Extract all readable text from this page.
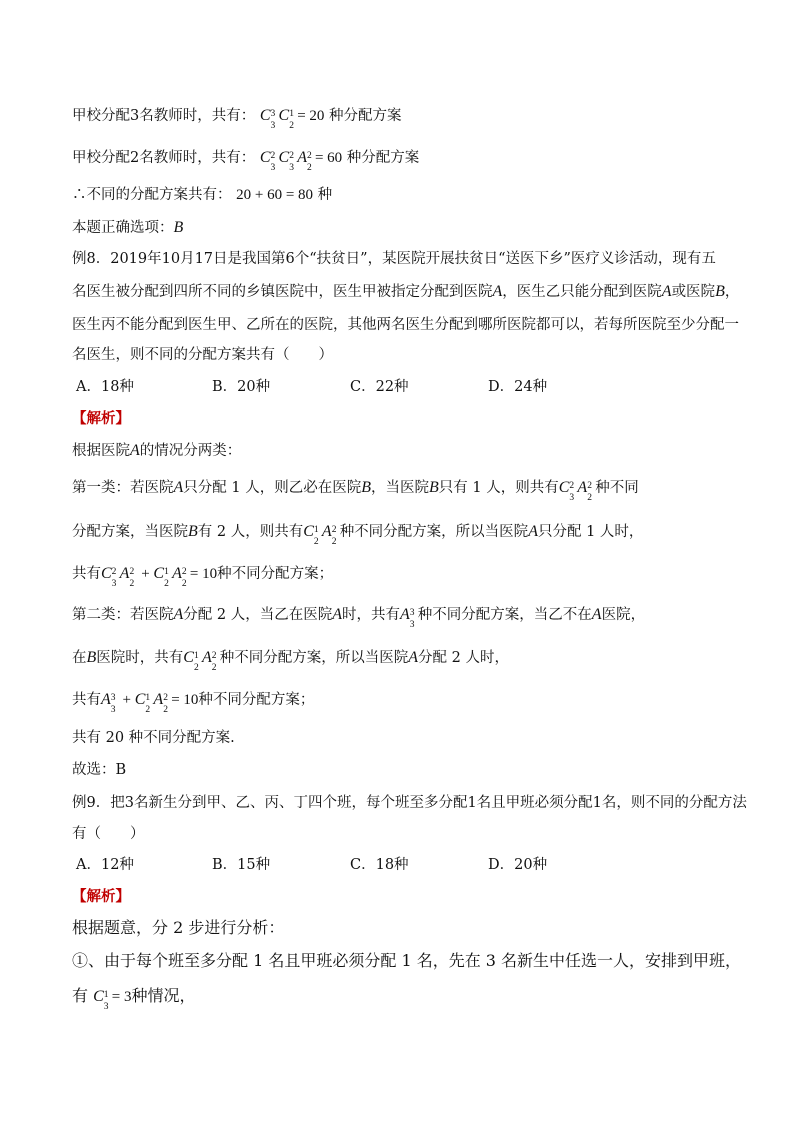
甲校分配3名教师时，共有： C 3
3
C 1
2
= 20 种分配方案
甲校分配2名教师时，共有： C 2
3
C 2
3
A 2
2
= 60 种分配方案
∴不同的分配方案共有： 20 + 60 = 80 种
本题正确选项：B
例8．2019年10月17日是我国第6个“扶贫日”，某医院开展扶贫日“送医下乡”医疗义诊活动，现有五
名医生被分配到四所不同的乡镇医院中，医生甲被指定分配到医院A，医生乙只能分配到医院A或医院B，
医生丙不能分配到医生甲、乙所在的医院，其他两名医生分配到哪所医院都可以，若每所医院至少分配一
名医生，则不同的分配方案共有（　　）
A．18种	B．20种	C．22种	D．24种
【解析】
根据医院A的情况分两类：
第一类：若医院A只分配 1 人，则乙必在医院B，当医院B只有 1 人，则共有C 2
3
A 2
2
种不同
分配方案，当医院B有 2 人，则共有C 1
2
A 2
2
种不同分配方案，所以当医院A只分配 1 人时，
共有C 2
3
A 2
2
+ C 1
2
A 2
2
= 10种不同分配方案；
第二类：若医院A分配 2 人，当乙在医院A时，共有A 3
3
种不同分配方案，当乙不在A医院，
在B医院时，共有C 1
2
A 2
2
种不同分配方案，所以当医院A分配 2 人时，
共有A 3
3
+ C 1
2
A 2
2
= 10种不同分配方案；
共有 20 种不同分配方案.
故选：B
例9．把3名新生分到甲、乙、丙、丁四个班，每个班至多分配1名且甲班必须分配1名，则不同的分配方法
有（　　）
A．12种	B．15种	C．18种	D．20种
【解析】
根据题意，分 2 步进行分析：
①、由于每个班至多分配 1 名且甲班必须分配 1 名，先在 3 名新生中任选一人，安排到甲班，
有 C 1
3
= 3种情况，
